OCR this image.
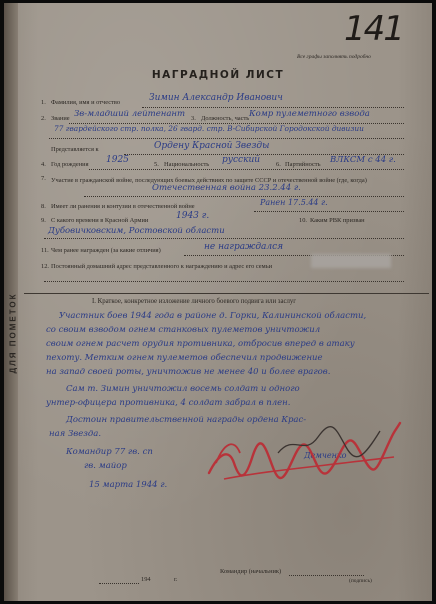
ДЛЯ ПОМЕТОК
Все графы заполнять подробно
141
НАГРАДНОЙ ЛИСТ
1. Фамилия, имя и отчество	Зимин Александр Иванович
2. Звание Зв-младший лейтенант 3. Должность, часть Комр пулеметного взвода
77 гвардейского стр. полка, 26 гвард. стр. В-Сибирской Городокской дивизии
Представляется к	Ордену Красной Звезды
4. Год рождения 1925	5. Национальность русский 6. Партийность ВЛКСМ с 44 г.
7. Участие в гражданской войне, последующих боевых действиях по защите СССР и отечественной войне (где, когда)
Отечественная война 23.2.44 г.
8. Имеет ли ранения и контузии в отечественной войне	Ранен 17.5.44 г.
9. С какого времени в Красной Армии	1943 г.	10. Каким РВК призван
Дубовичковским, Ростовской области
11. Чем ранее награжден (за какие отличия)	не награждался
12. Постоянный домашний адрес представленного к награждению и адрес его семьи
I. Краткое, конкретное изложение личного боевого подвига или заслуг
Участник боев 1944 года в районе д. Горки, Калининской области,
со своим взводом огнем станковых пулеметов уничтожил
своим огнем расчет орудия противника, отбросив вперед в атаку
пехоту. Метким огнем пулеметов обеспечил продвижение
на запад своей роты, уничтожив не менее 40 и более врагов.
Сам т. Зимин уничтожил восемь солдат и одного
унтер-офицера противника, 4 солдат забрал в плен.
Достоин правительственной награды ордена Крас-
ная Звезда.
Командир 77 гв. сп
гв. майор
15 марта 1944 г.
Демченко
Командир (начальник)
(подпись)
194	г.
